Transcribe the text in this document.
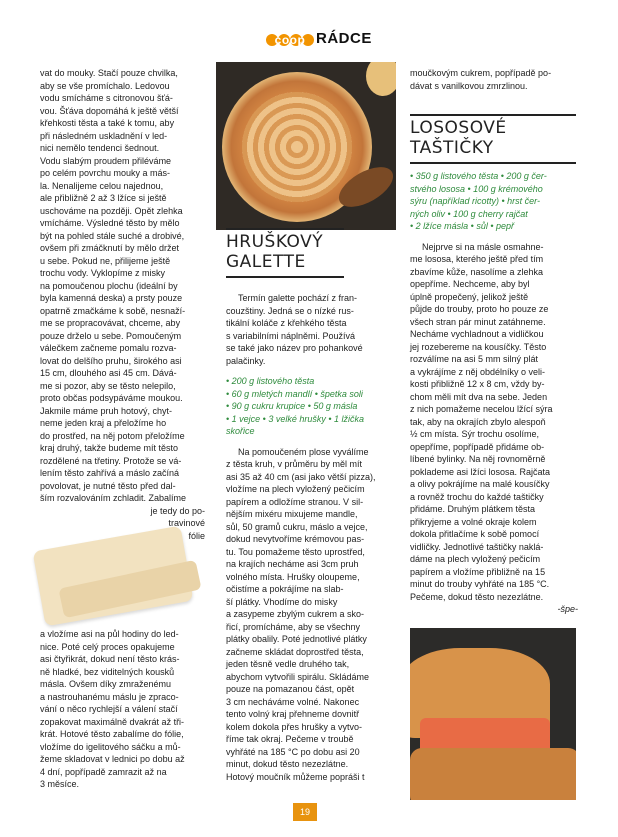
coop RÁDCE

vat do mouky. Stačí pouze chvilka,

aby se vše promíchalo. Ledovou

vodu smícháme s citronovou šťá-

vou. Šťáva dopomáhá k ještě větší

křehkosti těsta a také k tomu, aby

při následném uskladnění v led-

nici nemělo tendenci šednout.

Vodu slabým proudem přiléváme

po celém povrchu mouky a más-

la. Nenalijeme celou najednou,

ale přibližně 2 až 3 lžíce si ještě

uschováme na později. Opět zlehka

vmícháme. Výsledné těsto by mělo

být na pohled stále suché a drobivé,

ovšem při zmáčknutí by mělo držet

u sebe. Pokud ne, přilijeme ještě

trochu vody. Vyklopíme z misky

na pomoučenou plochu (ideální by

byla kamenná deska) a prsty pouze

opatrně zmačkáme k sobě, nesnaží-

me se propracovávat, chceme, aby

pouze drželo u sebe. Pomoučeným

válečkem začneme pomalu rozva-

lovat do delšího pruhu, širokého asi

15 cm, dlouhého asi 45 cm. Dává-

me si pozor, aby se těsto nelepilo,

proto občas podsypáváme moukou.

Jakmile máme pruh hotový, chyt-

neme jeden kraj a přeložíme ho

do prostřed, na něj potom přeložíme

kraj druhý, takže budeme mít těsto

rozdělené na třetiny. Protože se vá-

lením těsto zahřívá a máslo začíná

povolovat, je nutné těsto před dal-

ším rozvalováním zchladit. Zabalíme

je tedy do po-

travinové

fólie

a vložíme asi na půl hodiny do led-

nice. Poté celý proces opakujeme

asi čtyřikrát, dokud není těsto krás-

ně hladké, bez viditelných kousků

másla. Ovšem díky zmraženému

a nastrouhanému máslu je zpraco-

vání o něco rychlejší a válení stačí

zopakovat maximálně dvakrát až tři-

krát. Hotové těsto zabalíme do fólie,

vložíme do igelitového sáčku a mů-

žeme skladovat v lednici po dobu až

4 dní, popřípadě zamrazit až na

3 měsíce.

HRUŠKOVÝ
GALETTE

Termín galette pochází z fran-

couzštiny. Jedná se o nízké rus-

tikální koláče z křehkého těsta

s variabilními náplněmi. Používá

se také jako název pro pohankové

palačinky.

• 200 g listového těsta

• 60 g mletých mandlí • špetka soli

• 90 g cukru krupice • 50 g másla

• 1 vejce • 3 velké hrušky • 1 lžička

skořice

Na pomoučeném plose vyválíme

z těsta kruh, v průměru by měl mít

asi 35 až 40 cm (asi jako větší pizza),

vložíme na plech vyložený pečicím

papírem a odložíme stranou. V sil-

nějším mixéru mixujeme mandle,

sůl, 50 gramů cukru, máslo a vejce,

dokud nevytvoříme krémovou pas-

tu. Tou pomažeme těsto uprostřed,

na krajích necháme asi 3cm pruh

volného místa. Hrušky oloupeme,

očistíme a pokrájíme na slab-

ší plátky. Vhodíme do misky

a zasypeme zbylým cukrem a sko-

řicí, promícháme, aby se všechny

plátky obalily. Poté jednotlivé plátky

začneme skládat doprostřed těsta,

jeden těsně vedle druhého tak,

abychom vytvořili spirálu. Skládáme

pouze na pomazanou část, opět

3 cm necháváme volné. Nakonec

tento volný kraj přehneme dovnitř

kolem dokola přes hrušky a vytvo-

říme tak okraj. Pečeme v troubě

vyhřáté na 185 °C po dobu asi 20

minut, dokud těsto nezezlátne.

Hotový moučník můžeme popráši t

moučkovým cukrem, popřípadě po-

dávat s vanilkovou zmrzlinou.

LOSOSOVÉ
TAŠTIČKY

• 350 g listového těsta • 200 g čer-

stvého lososa • 100 g krémového

sýru (například ricotty) • hrst čer-

ných oliv • 100 g cherry rajčat

• 2 lžíce másla • sůl • pepř

Nejprve si na másle osmahne-

me lososa, kterého ještě před tím

zbavíme kůže, nasolíme a zlehka

opepříme. Nechceme, aby byl

úplně propečený, jelikož ještě

půjde do trouby, proto ho pouze ze

všech stran pár minut zatáhneme.

Necháme vychladnout a vidličkou

jej rozebereme na kousíčky. Těsto

rozválíme na asi 5 mm silný plát

a vykrájíme z něj obdélníky o veli-

kosti přibližně 12 x 8 cm, vždy by-

chom měli mít dva na sebe. Jeden

z nich pomažeme necelou lžící sýra

tak, aby na okrajích zbylo alespoň

½ cm místa. Sýr trochu osolíme,

opepříme, popřípadě přidáme ob-

líbené bylinky. Na něj rovnoměrně

poklademe asi lžíci lososa. Rajčata

a olivy pokrájíme na malé kousíčky

a rovněž trochu do každé taštičky

přidáme. Druhým plátkem těsta

přikryjeme a volné okraje kolem

dokola přitlačíme k sobě pomocí

vidličky. Jednotlivé taštičky naklá-

dáme na plech vyložený pečicím

papírem a vložíme přibližně na 15

minut do trouby vyhřáté na 185 °C.

Pečeme, dokud těsto nezezlátne.

-špe-

19
